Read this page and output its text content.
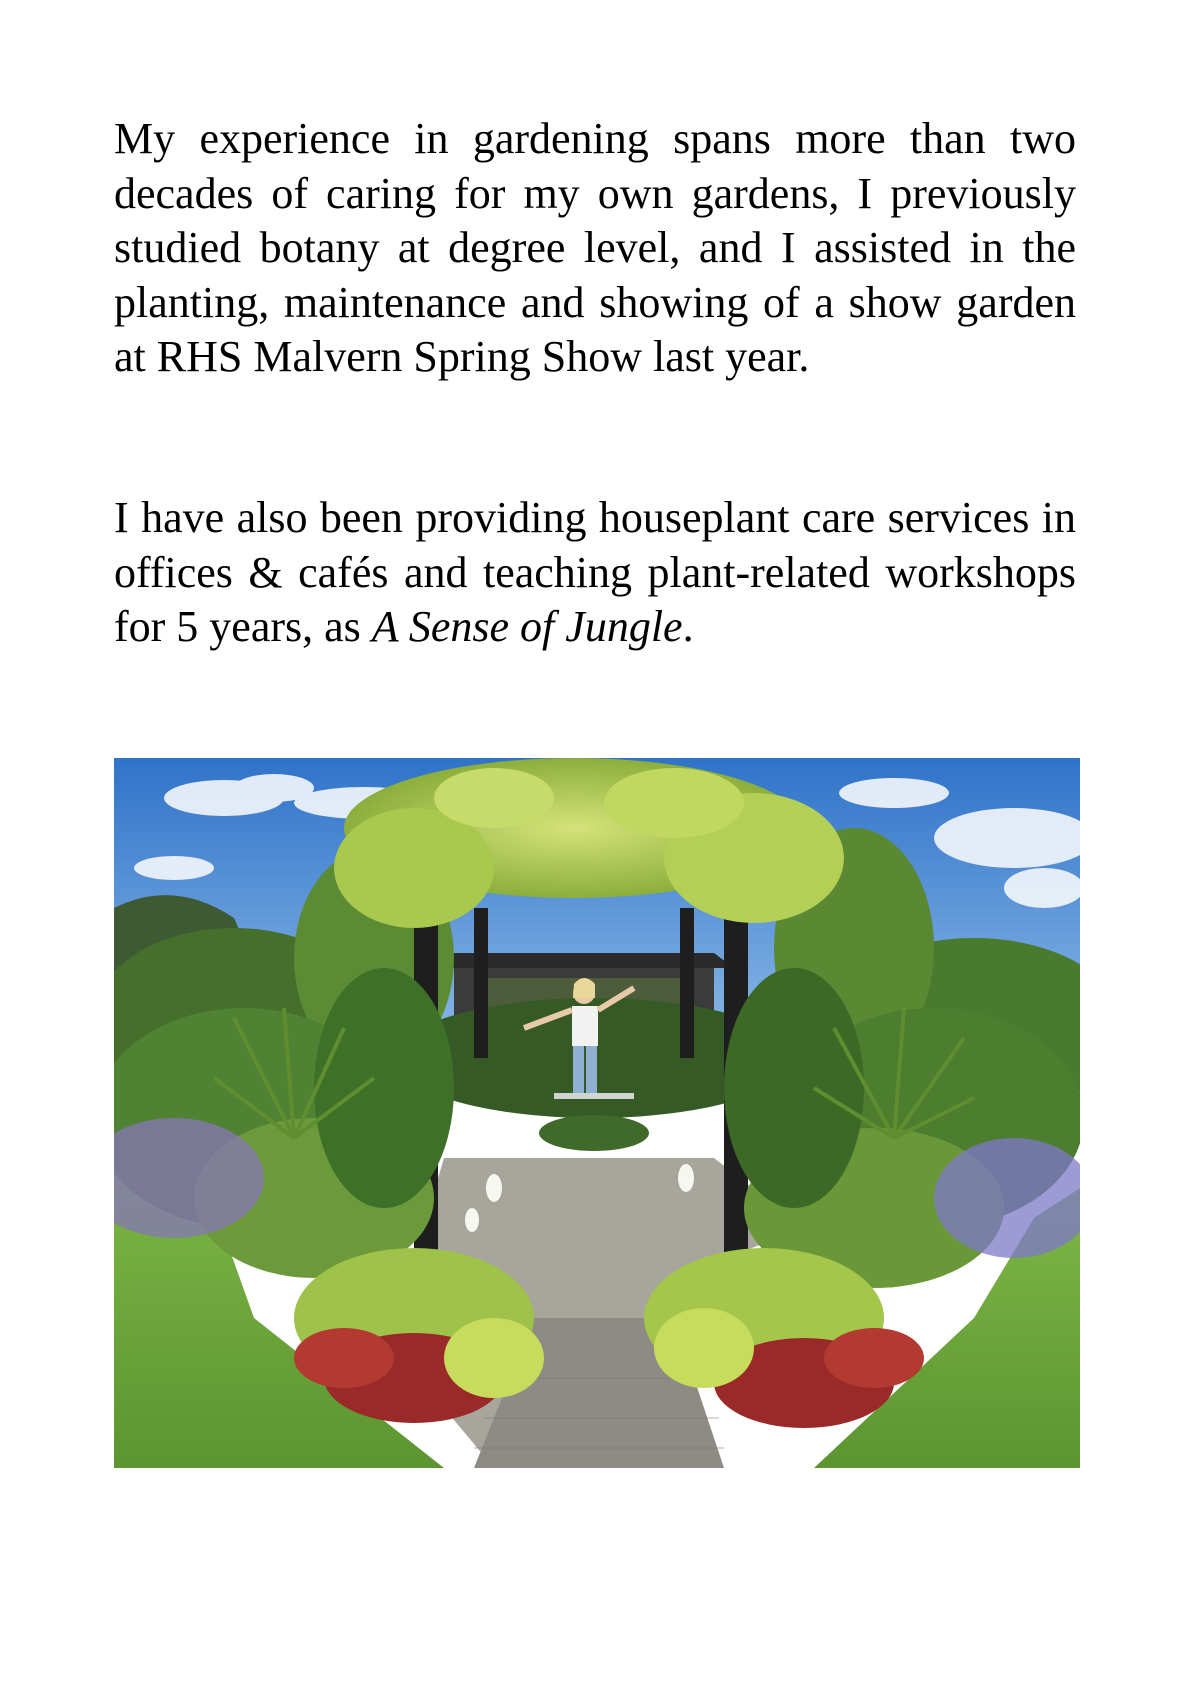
My experience in gardening spans more than two decades of caring for my own gardens, I previously studied botany at degree level, and I assisted in the planting, maintenance and showing of a show garden at RHS Malvern Spring Show last year.

I have also been providing houseplant care services in offices & cafés and teaching plant-related workshops for 5 years, as A Sense of Jungle.
